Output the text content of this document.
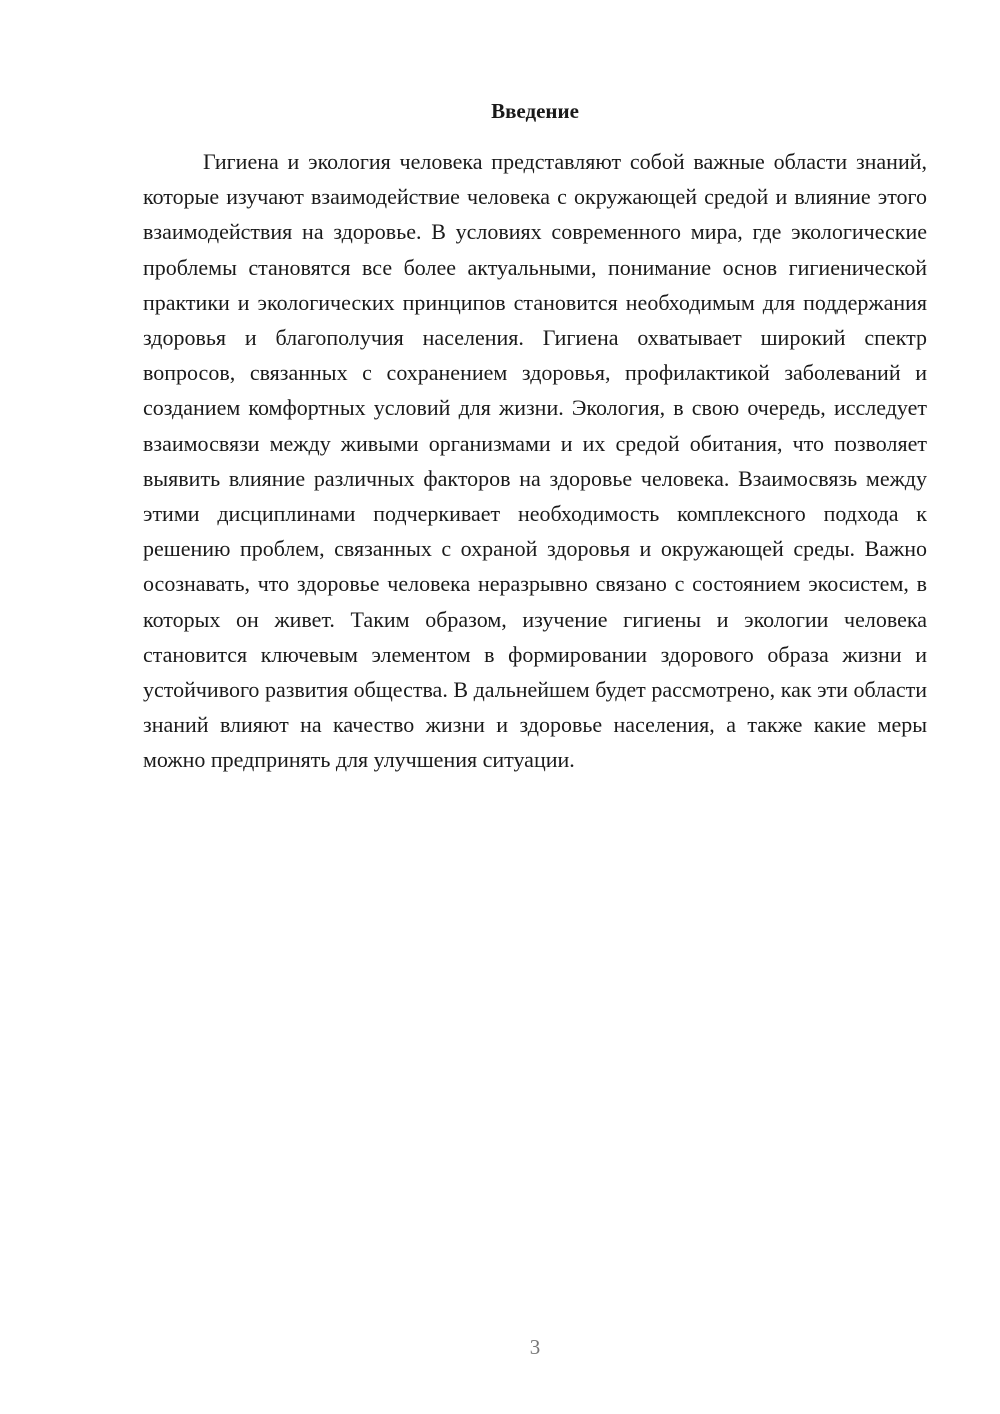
Введение

Гигиена и экология человека представляют собой важные области знаний, которые изучают взаимодействие человека с окружающей средой и влияние этого взаимодействия на здоровье. В условиях современного мира, где экологические проблемы становятся все более актуальными, понимание основ гигиенической практики и экологических принципов становится необходимым для поддержания здоровья и благополучия населения. Гигиена охватывает широкий спектр вопросов, связанных с сохранением здоровья, профилактикой заболеваний и созданием комфортных условий для жизни. Экология, в свою очередь, исследует взаимосвязи между живыми организмами и их средой обитания, что позволяет выявить влияние различных факторов на здоровье человека. Взаимосвязь между этими дисциплинами подчеркивает необходимость комплексного подхода к решению проблем, связанных с охраной здоровья и окружающей среды. Важно осознавать, что здоровье человека неразрывно связано с состоянием экосистем, в которых он живет. Таким образом, изучение гигиены и экологии человека становится ключевым элементом в формировании здорового образа жизни и устойчивого развития общества. В дальнейшем будет рассмотрено, как эти области знаний влияют на качество жизни и здоровье населения, а также какие меры можно предпринять для улучшения ситуации.

3
